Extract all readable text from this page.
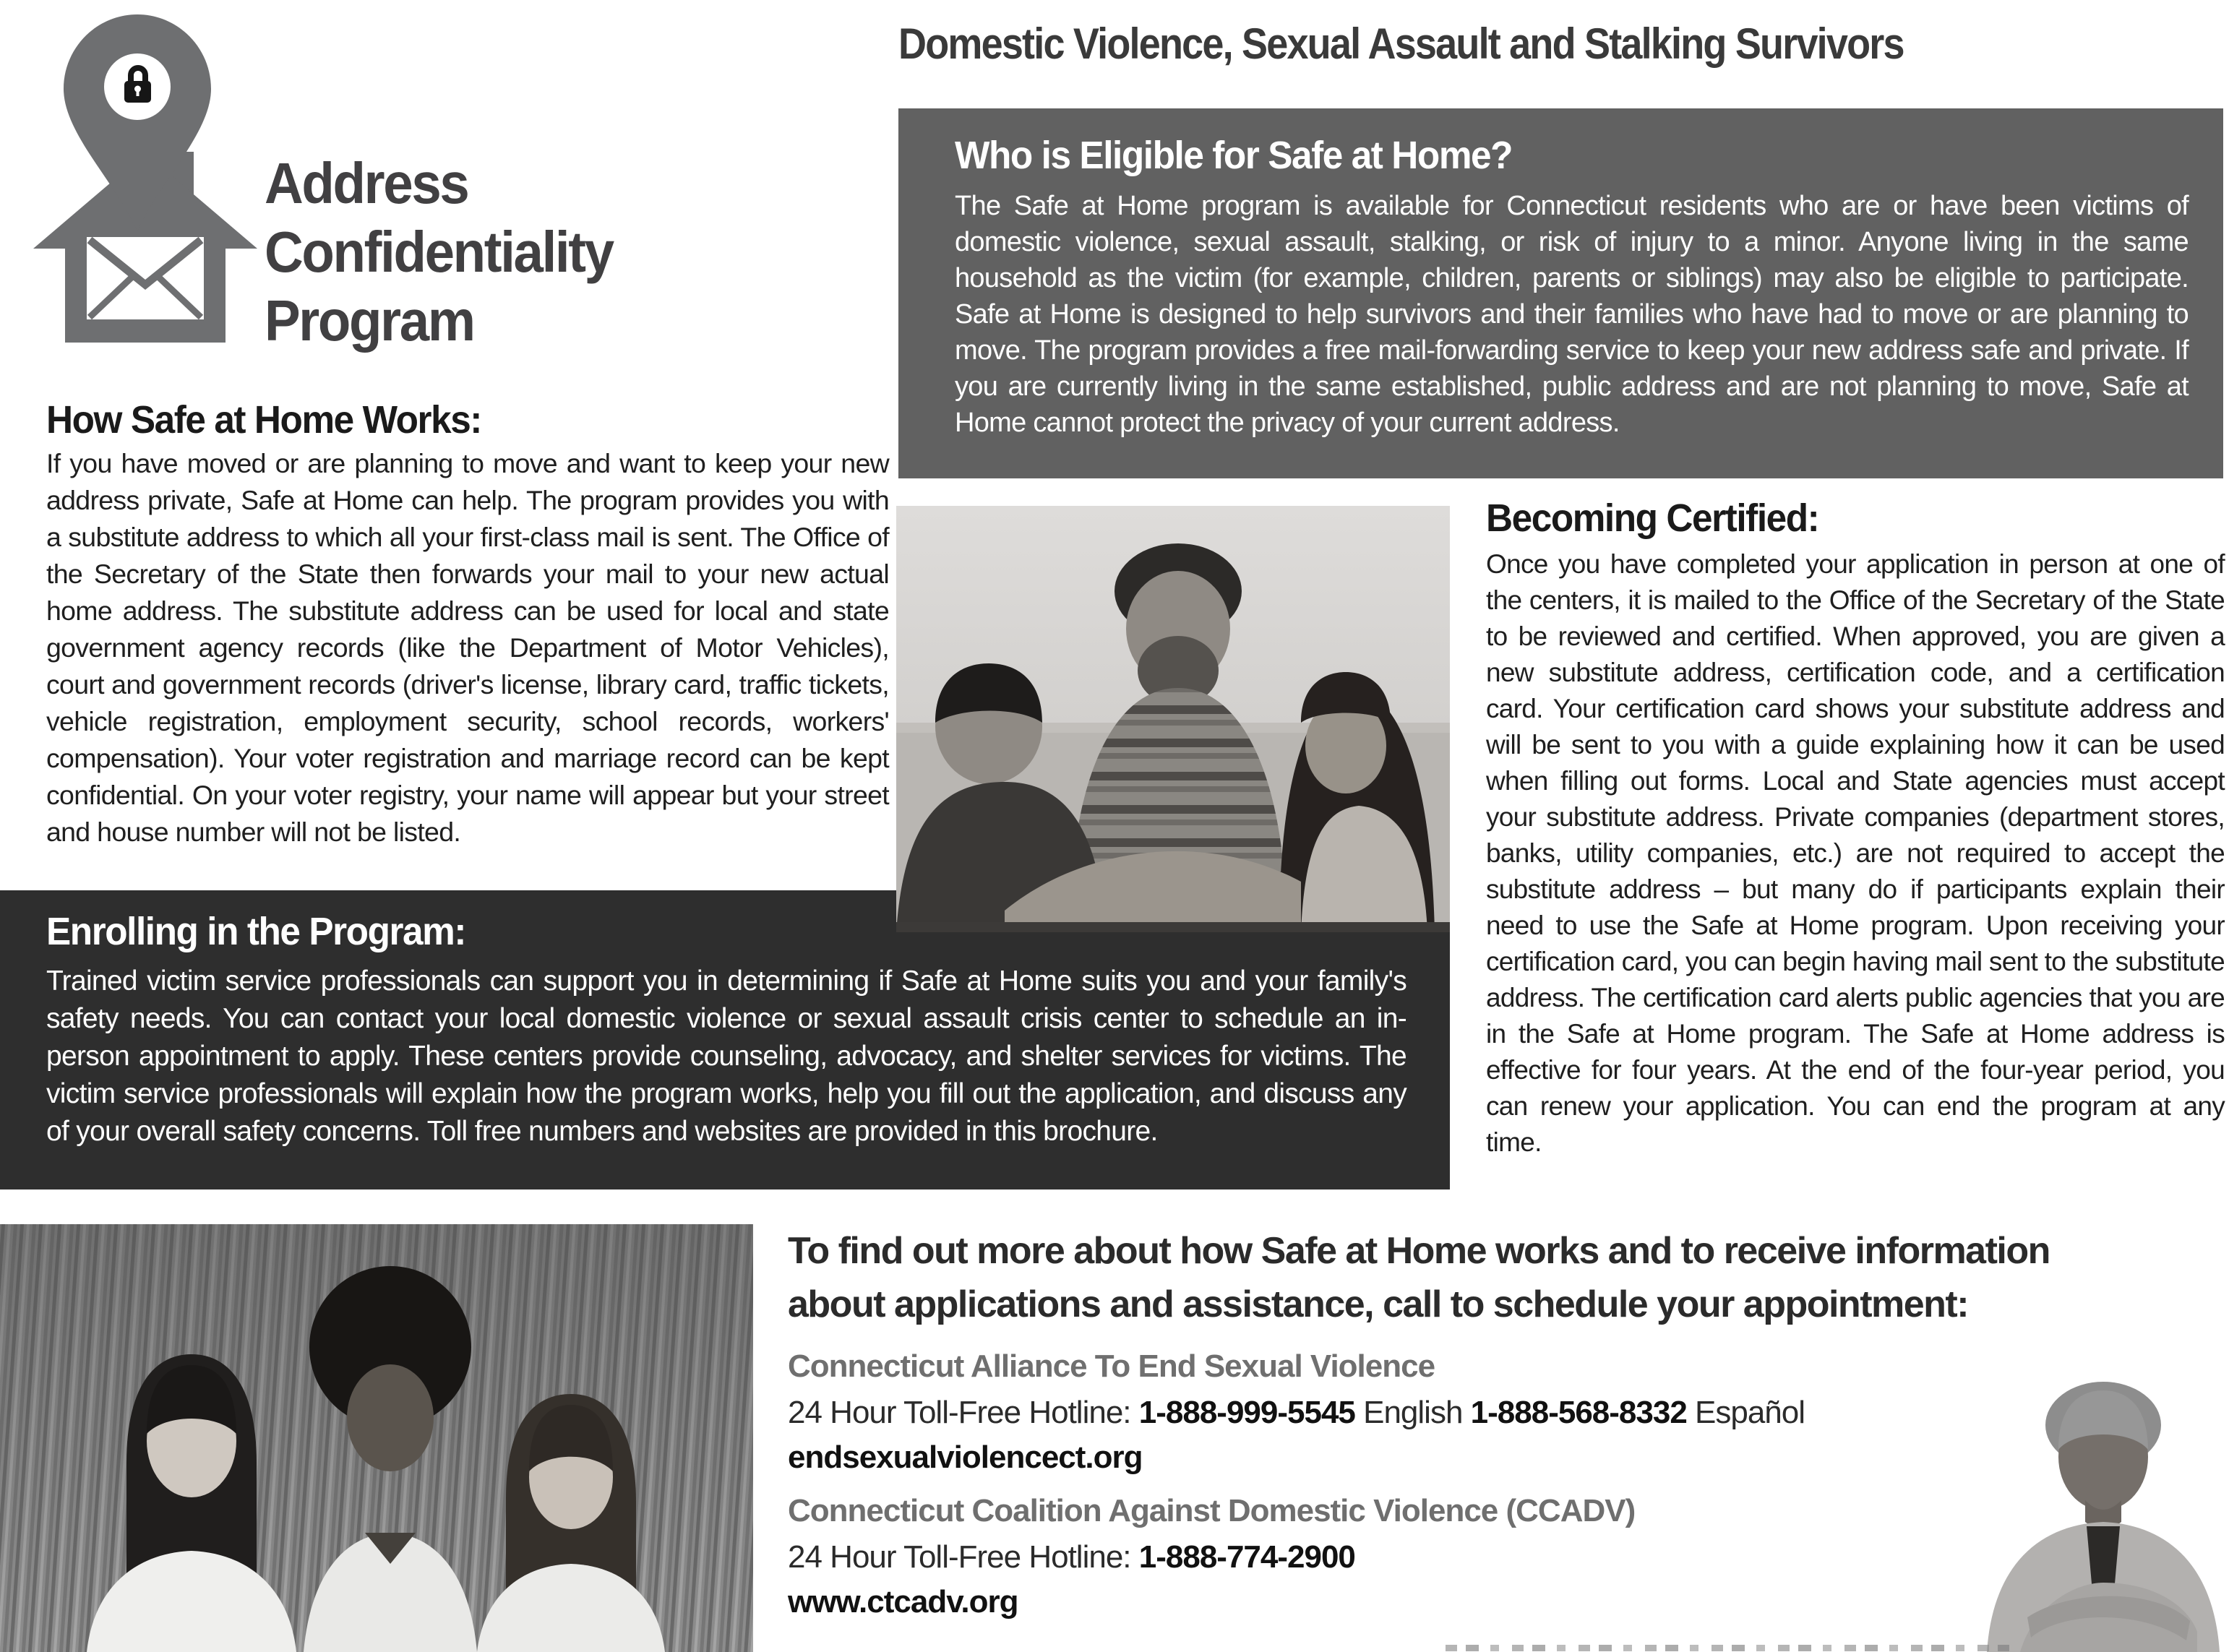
Address
Confidentiality
Program
Domestic Violence, Sexual Assault and Stalking Survivors
Who is Eligible for Safe at Home?
The Safe at Home program is available for Connecticut residents who are or have been victims of domestic violence, sexual assault, stalking, or risk of injury to a minor. Anyone living in the same household as the victim (for example, children, parents or siblings) may also be eligible to participate. Safe at Home is designed to help survivors and their families who have had to move or are planning to move. The program provides a free mail-forwarding service to keep your new address safe and private. If you are currently living in the same established, public address and are not planning to move, Safe at Home cannot protect the privacy of your current address.
How Safe at Home Works:
If you have moved or are planning to move and want to keep your new address private, Safe at Home can help. The program provides you with a substitute address to which all your first-class mail is sent. The Office of the Secretary of the State then forwards your mail to your new actual home address. The substitute address can be used for local and state government agency records (like the Department of Motor Vehicles), court and government records (driver's license, library card, traffic tickets, vehicle registration, employment security, school records, workers' compensation). Your voter registration and marriage record can be kept confidential. On your voter registry, your name will appear but your street and house number will not be listed.
Enrolling in the Program:
Trained victim service professionals can support you in determining if Safe at Home suits you and your family's safety needs. You can contact your local domestic violence or sexual assault crisis center to schedule an in-person appointment to apply. These centers provide counseling, advocacy, and shelter services for victims. The victim service professionals will explain how the program works, help you fill out the application, and discuss any of your overall safety concerns. Toll free numbers and websites are provided in this brochure.
Becoming Certified:
Once you have completed your application in person at one of the centers, it is mailed to the Office of the Secretary of the State to be reviewed and certified. When approved, you are given a new substitute address, certification code, and a certification card. Your certification card shows your substitute address and will be sent to you with a guide explaining how it can be used when filling out forms. Local and State agencies must accept your substitute address. Private companies (department stores, banks, utility companies, etc.) are not required to accept the substitute address – but many do if participants explain their need to use the Safe at Home program. Upon receiving your certification card, you can begin having mail sent to the substitute address. The certification card alerts public agencies that you are in the Safe at Home program. The Safe at Home address is effective for four years. At the end of the four-year period, you can renew your application. You can end the program at any time.
To find out more about how Safe at Home works and to receive information about applications and assistance, call to schedule your appointment:
Connecticut Alliance To End Sexual Violence
24 Hour Toll-Free Hotline: 1-888-999-5545 English 1-888-568-8332 Español
endsexualviolencect.org
Connecticut Coalition Against Domestic Violence (CCADV)
24 Hour Toll-Free Hotline: 1-888-774-2900
www.ctcadv.org
